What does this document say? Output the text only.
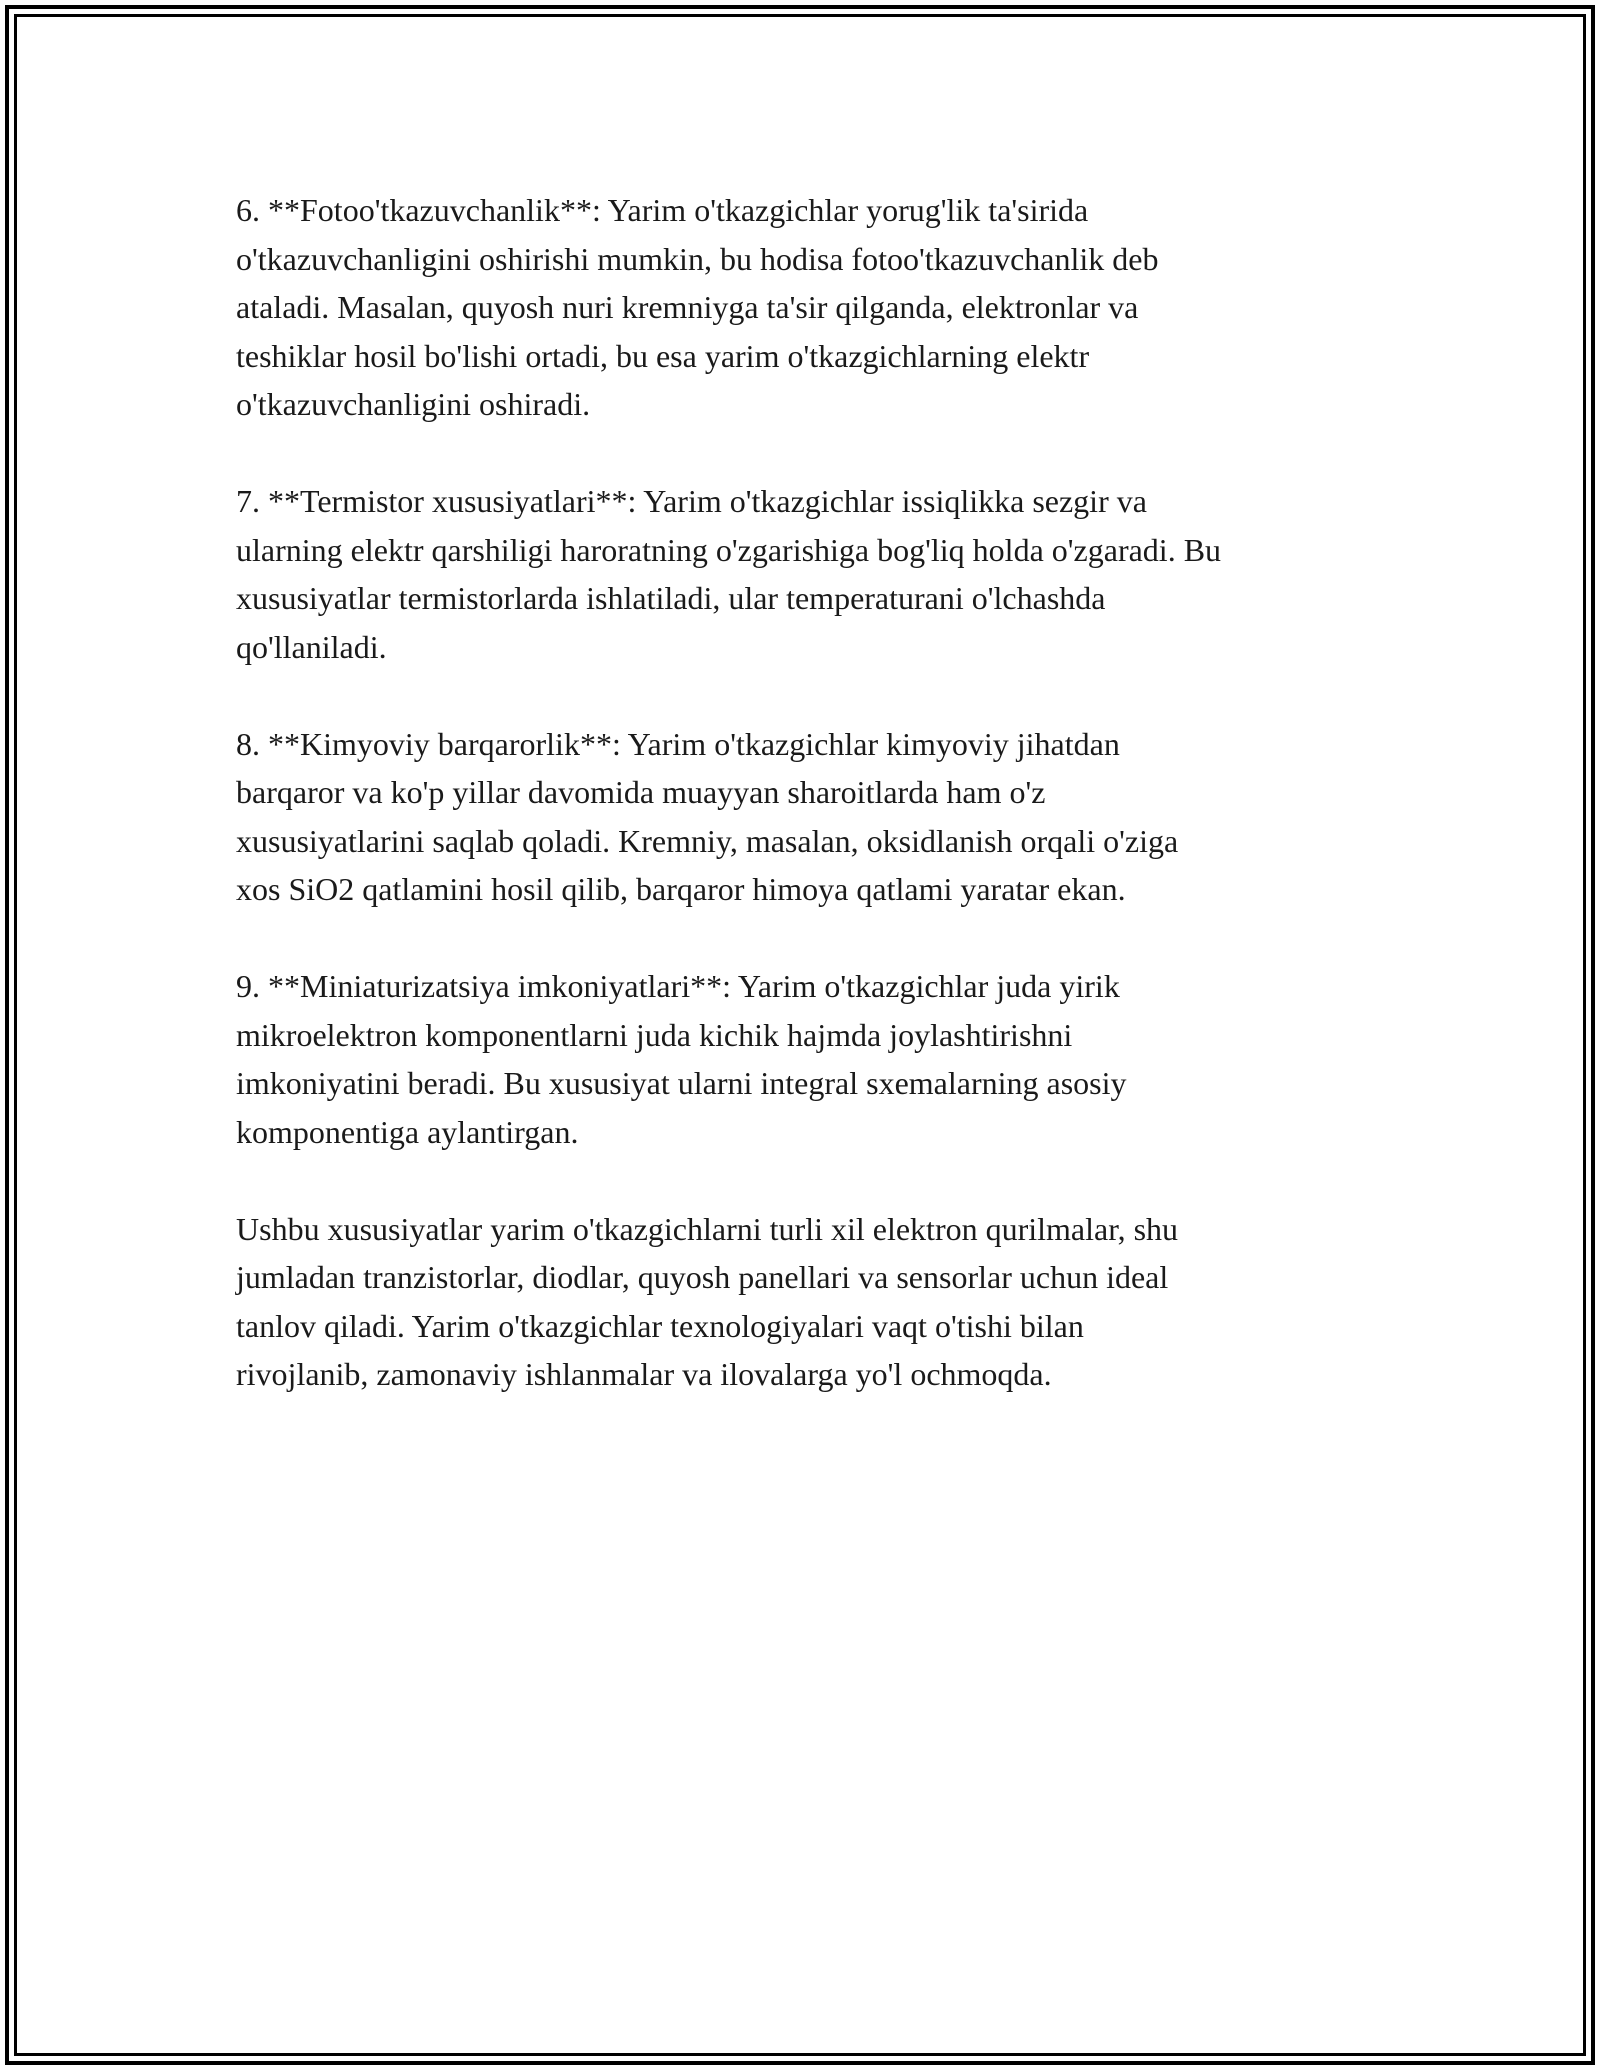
6. **Fotoo'tkazuvchanlik**: Yarim o'tkazgichlar yorug'lik ta'sirida
o'tkazuvchanligini oshirishi mumkin, bu hodisa fotoo'tkazuvchanlik deb
ataladi. Masalan, quyosh nuri kremniyga ta'sir qilganda, elektronlar va
teshiklar hosil bo'lishi ortadi, bu esa yarim o'tkazgichlarning elektr
o'tkazuvchanligini oshiradi.

7. **Termistor xususiyatlari**: Yarim o'tkazgichlar issiqlikka sezgir va
ularning elektr qarshiligi haroratning o'zgarishiga bog'liq holda o'zgaradi. Bu
xususiyatlar termistorlarda ishlatiladi, ular temperaturani o'lchashda
qo'llaniladi.

8. **Kimyoviy barqarorlik**: Yarim o'tkazgichlar kimyoviy jihatdan
barqaror va ko'p yillar davomida muayyan sharoitlarda ham o'z
xususiyatlarini saqlab qoladi. Kremniy, masalan, oksidlanish orqali o'ziga
xos SiO2 qatlamini hosil qilib, barqaror himoya qatlami yaratar ekan.

9. **Miniaturizatsiya imkoniyatlari**: Yarim o'tkazgichlar juda yirik
mikroelektron komponentlarni juda kichik hajmda joylashtirishni
imkoniyatini beradi. Bu xususiyat ularni integral sxemalarning asosiy
komponentiga aylantirgan.

Ushbu xususiyatlar yarim o'tkazgichlarni turli xil elektron qurilmalar, shu
jumladan tranzistorlar, diodlar, quyosh panellari va sensorlar uchun ideal
tanlov qiladi. Yarim o'tkazgichlar texnologiyalari vaqt o'tishi bilan
rivojlanib, zamonaviy ishlanmalar va ilovalarga yo'l ochmoqda.
